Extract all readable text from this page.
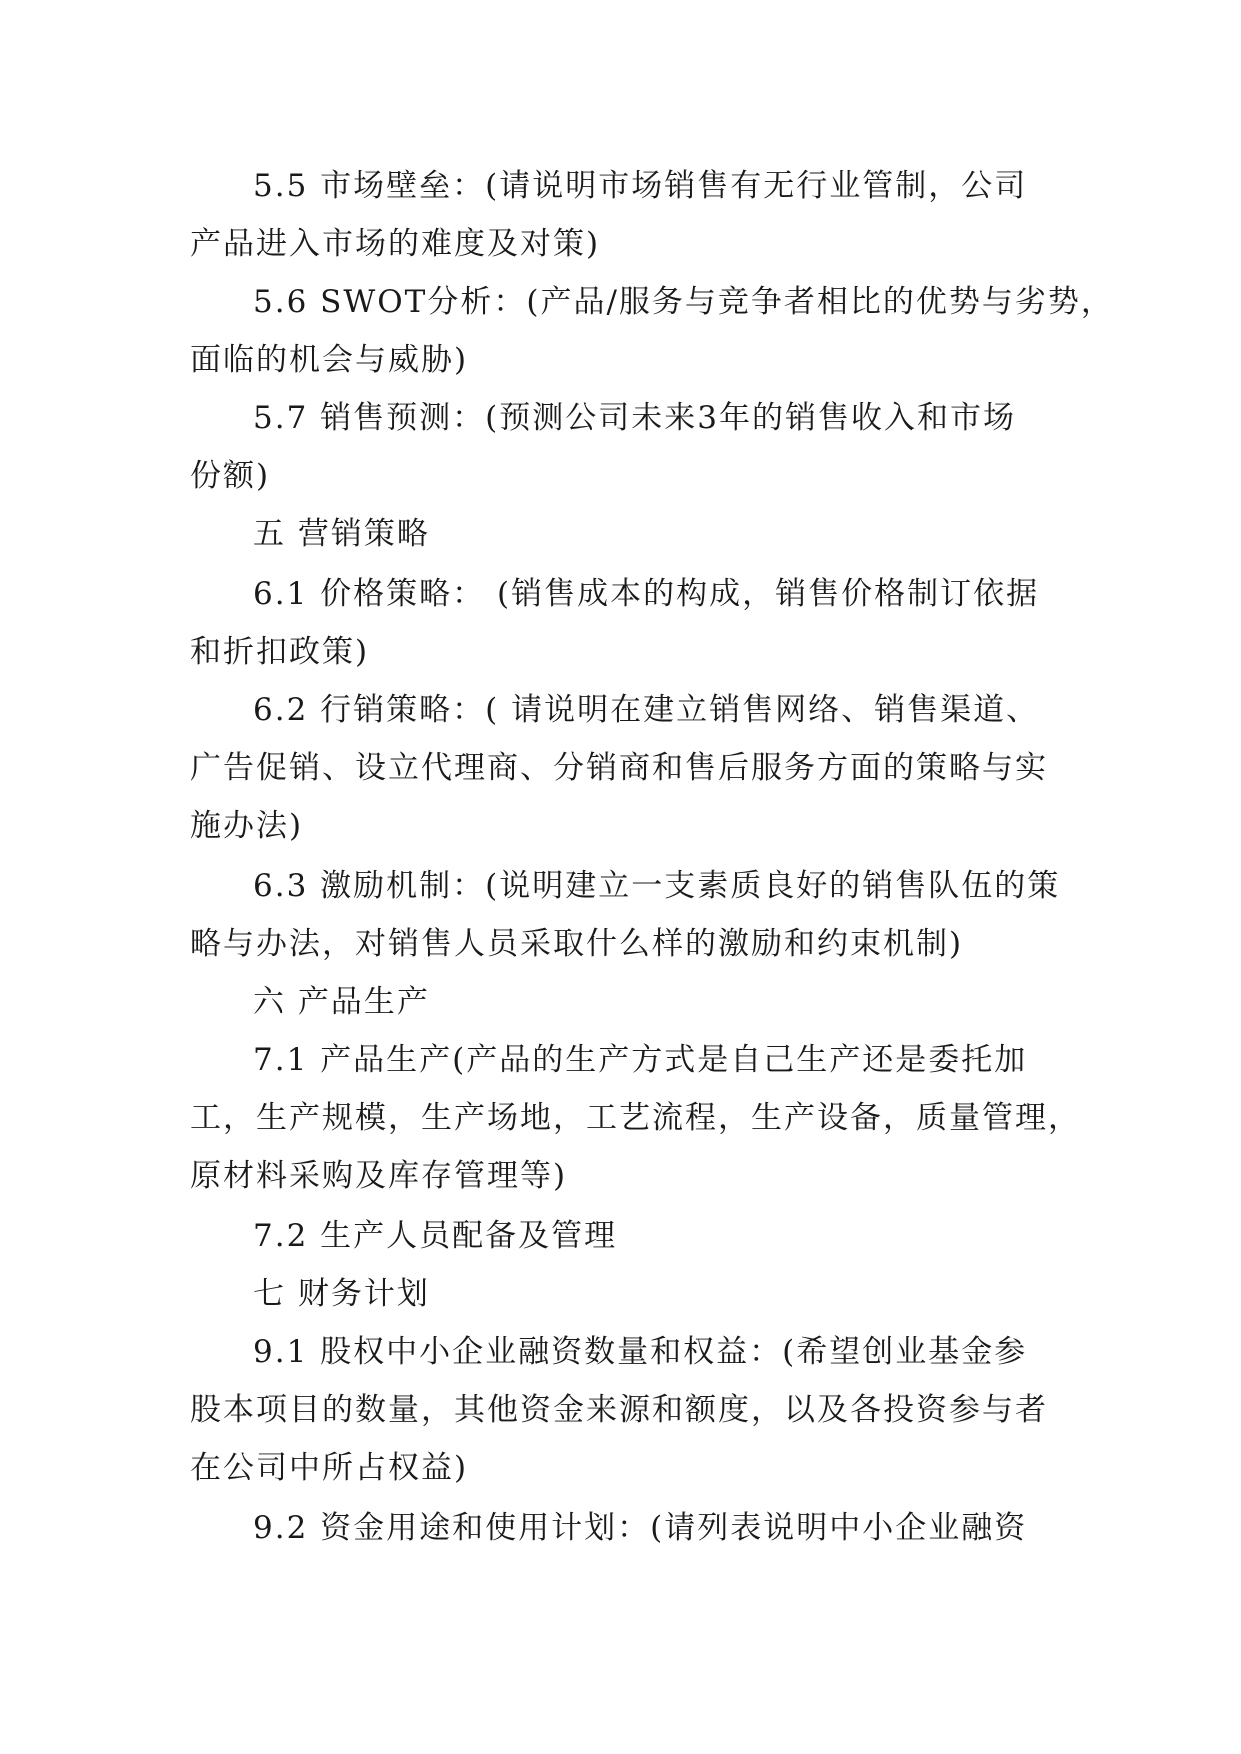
5.5 市场壁垒：(请说明市场销售有无行业管制，公司
产品进入市场的难度及对策)
5.6 SWOT分析：(产品/服务与竞争者相比的优势与劣势，
面临的机会与威胁)
5.7 销售预测：(预测公司未来3年的销售收入和市场
份额)
五 营销策略
6.1 价格策略： (销售成本的构成，销售价格制订依据
和折扣政策)
6.2 行销策略：( 请说明在建立销售网络、销售渠道、
广告促销、设立代理商、分销商和售后服务方面的策略与实
施办法)
6.3 激励机制：(说明建立一支素质良好的销售队伍的策
略与办法，对销售人员采取什么样的激励和约束机制)
六 产品生产
7.1 产品生产(产品的生产方式是自己生产还是委托加
工，生产规模，生产场地，工艺流程，生产设备，质量管理，
原材料采购及库存管理等)
7.2 生产人员配备及管理
七 财务计划
9.1 股权中小企业融资数量和权益：(希望创业基金参
股本项目的数量，其他资金来源和额度，以及各投资参与者
在公司中所占权益)
9.2 资金用途和使用计划：(请列表说明中小企业融资
